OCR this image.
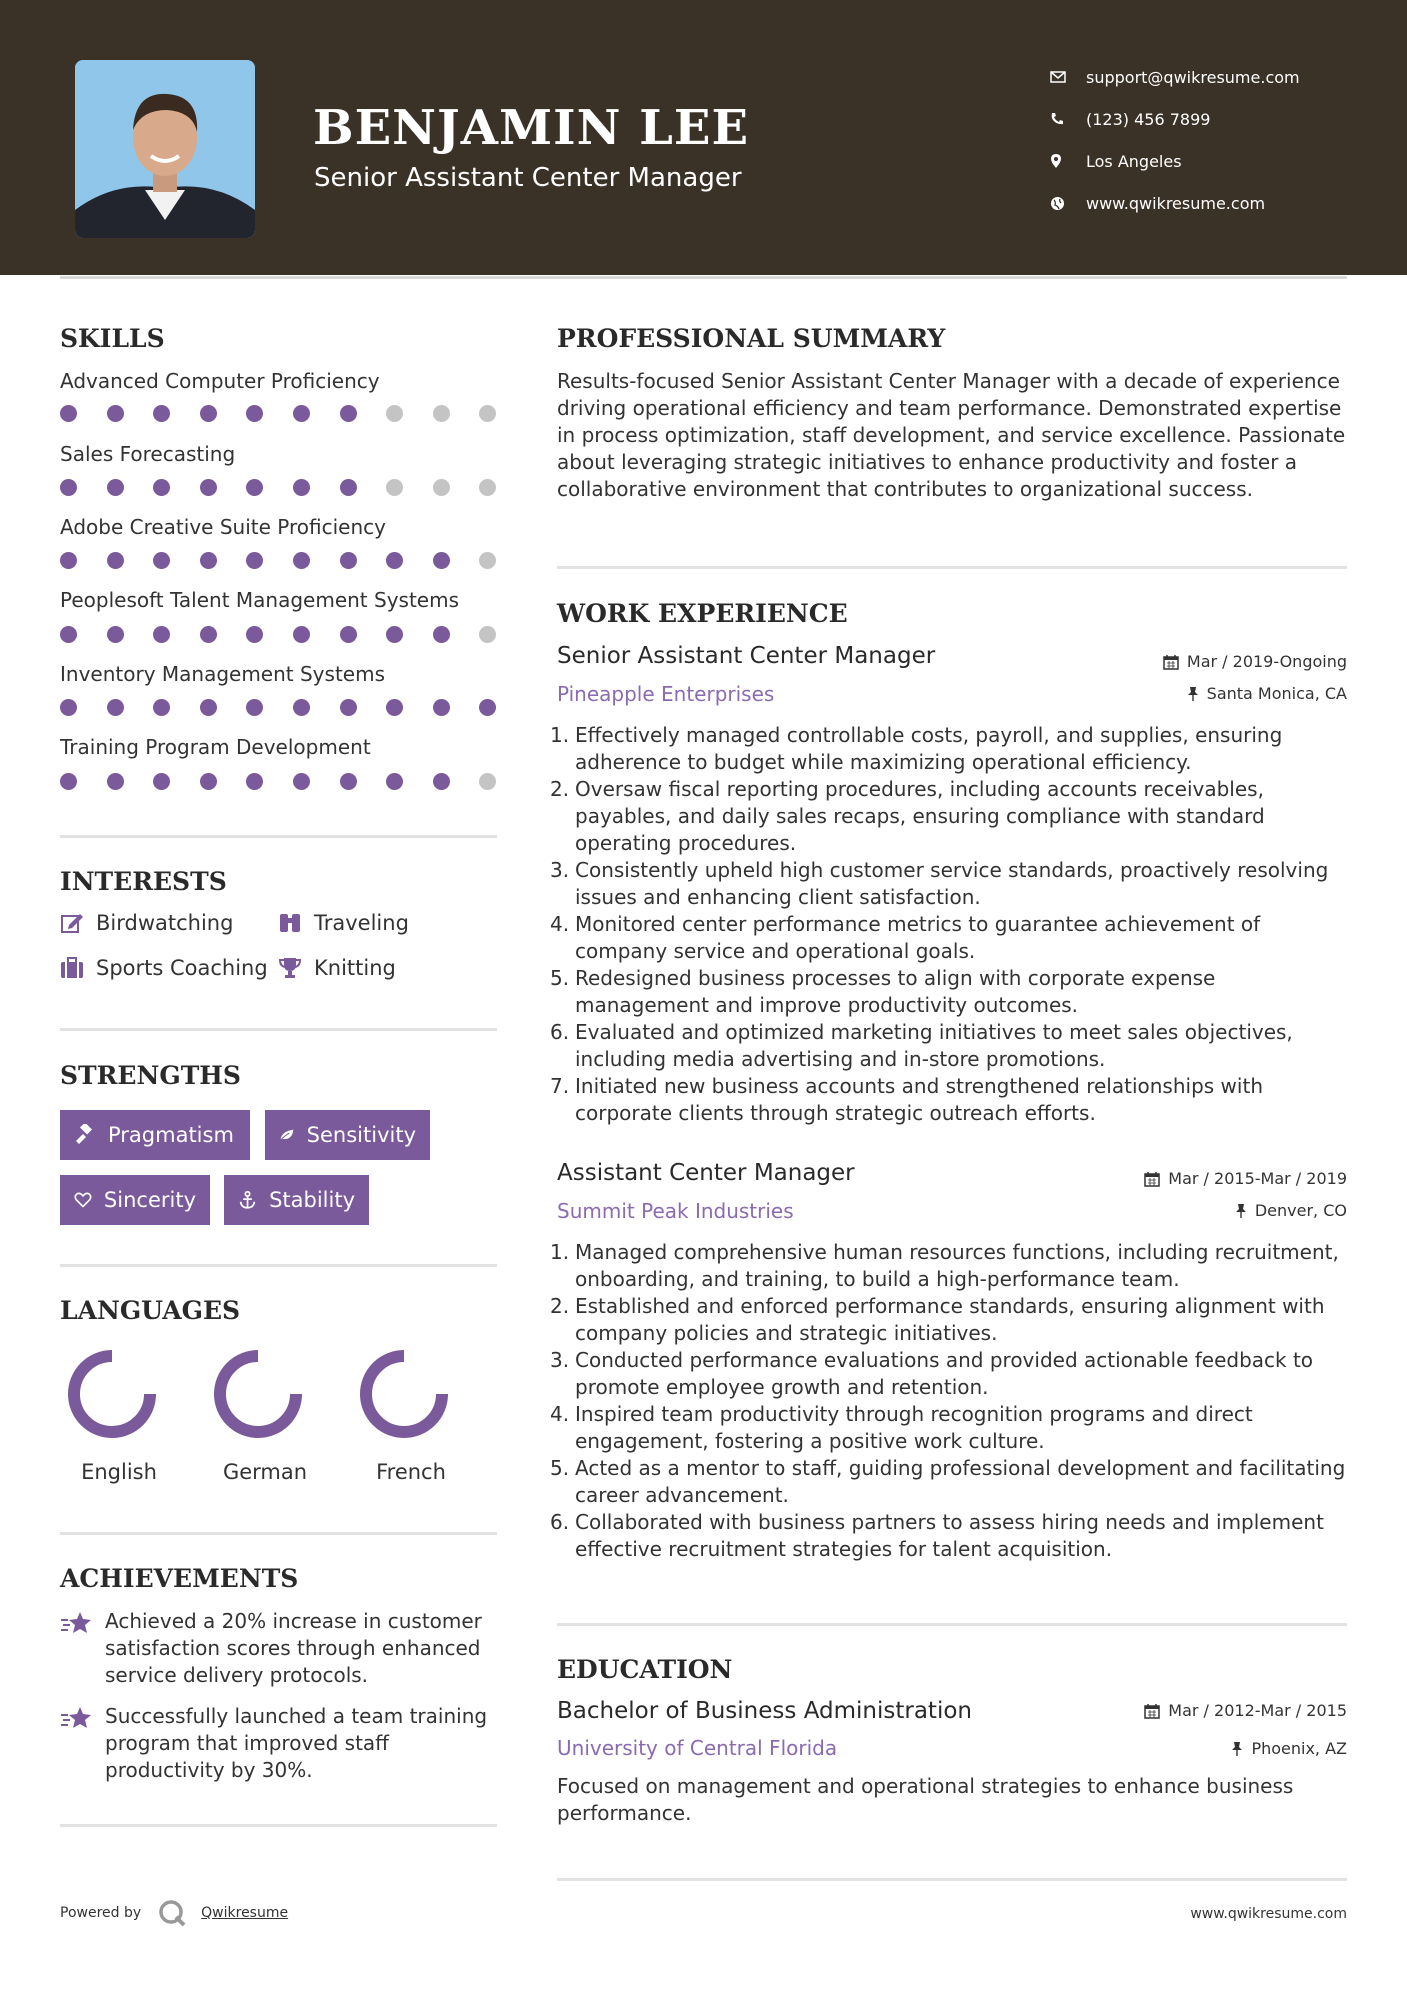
BENJAMIN LEE
Senior Assistant Center Manager
support@qwikresume.com
(123) 456 7899
Los Angeles
www.qwikresume.com
SKILLS
Advanced Computer Proficiency
Sales Forecasting
Adobe Creative Suite Proficiency
Peoplesoft Talent Management Systems
Inventory Management Systems
Training Program Development
INTERESTS
Birdwatching	Traveling
Sports Coaching Knitting
STRENGTHS
Pragmatism	Sensitivity
Sincerity	Stability
LANGUAGES
English	German	French
ACHIEVEMENTS
Achieved a 20% increase in customer satisfaction scores through enhanced service delivery protocols.
Successfully launched a team training program that improved staff productivity by 30%.
PROFESSIONAL SUMMARY
Results-focused Senior Assistant Center Manager with a decade of experience driving operational efficiency and team performance. Demonstrated expertise in process optimization, staff development, and service excellence. Passionate about leveraging strategic initiatives to enhance productivity and foster a collaborative environment that contributes to organizational success.
WORK EXPERIENCE
Senior Assistant Center Manager	Mar / 2019-Ongoing
Pineapple Enterprises	Santa Monica, CA
1. Effectively managed controllable costs, payroll, and supplies, ensuring adherence to budget while maximizing operational efficiency.
2. Oversaw fiscal reporting procedures, including accounts receivables, payables, and daily sales recaps, ensuring compliance with standard operating procedures.
3. Consistently upheld high customer service standards, proactively resolving issues and enhancing client satisfaction.
4. Monitored center performance metrics to guarantee achievement of company service and operational goals.
5. Redesigned business processes to align with corporate expense management and improve productivity outcomes.
6. Evaluated and optimized marketing initiatives to meet sales objectives, including media advertising and in-store promotions.
7. Initiated new business accounts and strengthened relationships with corporate clients through strategic outreach efforts.
Assistant Center Manager	Mar / 2015-Mar / 2019
Summit Peak Industries	Denver, CO
1. Managed comprehensive human resources functions, including recruitment, onboarding, and training, to build a high-performance team.
2. Established and enforced performance standards, ensuring alignment with company policies and strategic initiatives.
3. Conducted performance evaluations and provided actionable feedback to promote employee growth and retention.
4. Inspired team productivity through recognition programs and direct engagement, fostering a positive work culture.
5. Acted as a mentor to staff, guiding professional development and facilitating career advancement.
6. Collaborated with business partners to assess hiring needs and implement effective recruitment strategies for talent acquisition.
EDUCATION
Bachelor of Business Administration	Mar / 2012-Mar / 2015
University of Central Florida	Phoenix, AZ
Focused on management and operational strategies to enhance business performance.
Powered by	Qwikresume	www.qwikresume.com
